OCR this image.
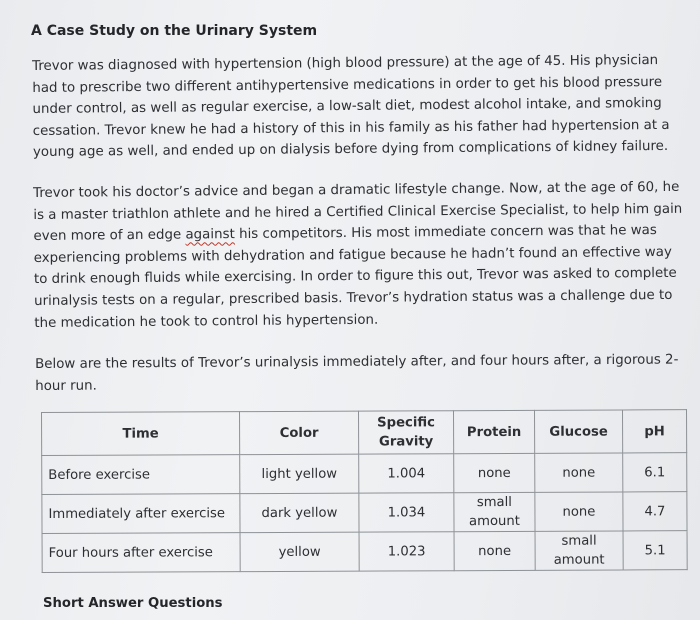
A Case Study on the Urinary System

Trevor was diagnosed with hypertension (high blood pressure) at the age of 45. His physician had to prescribe two different antihypertensive medications in order to get his blood pressure under control, as well as regular exercise, a low-salt diet, modest alcohol intake, and smoking cessation. Trevor knew he had a history of this in his family as his father had hypertension at a young age as well, and ended up on dialysis before dying from complications of kidney failure.

Trevor took his doctor’s advice and began a dramatic lifestyle change. Now, at the age of 60, he is a master triathlon athlete and he hired a Certified Clinical Exercise Specialist, to help him gain even more of an edge against his competitors. His most immediate concern was that he was experiencing problems with dehydration and fatigue because he hadn’t found an effective way to drink enough fluids while exercising. In order to figure this out, Trevor was asked to complete urinalysis tests on a regular, prescribed basis. Trevor’s hydration status was a challenge due to the medication he took to control his hypertension.

Below are the results of Trevor’s urinalysis immediately after, and four hours after, a rigorous 2-hour run.

Time	Color	Specific Gravity	Protein	Glucose	pH
Before exercise	light yellow	1.004	none	none	6.1
Immediately after exercise	dark yellow	1.034	small amount	none	4.7
Four hours after exercise	yellow	1.023	none	small amount	5.1
Short Answer Questions
